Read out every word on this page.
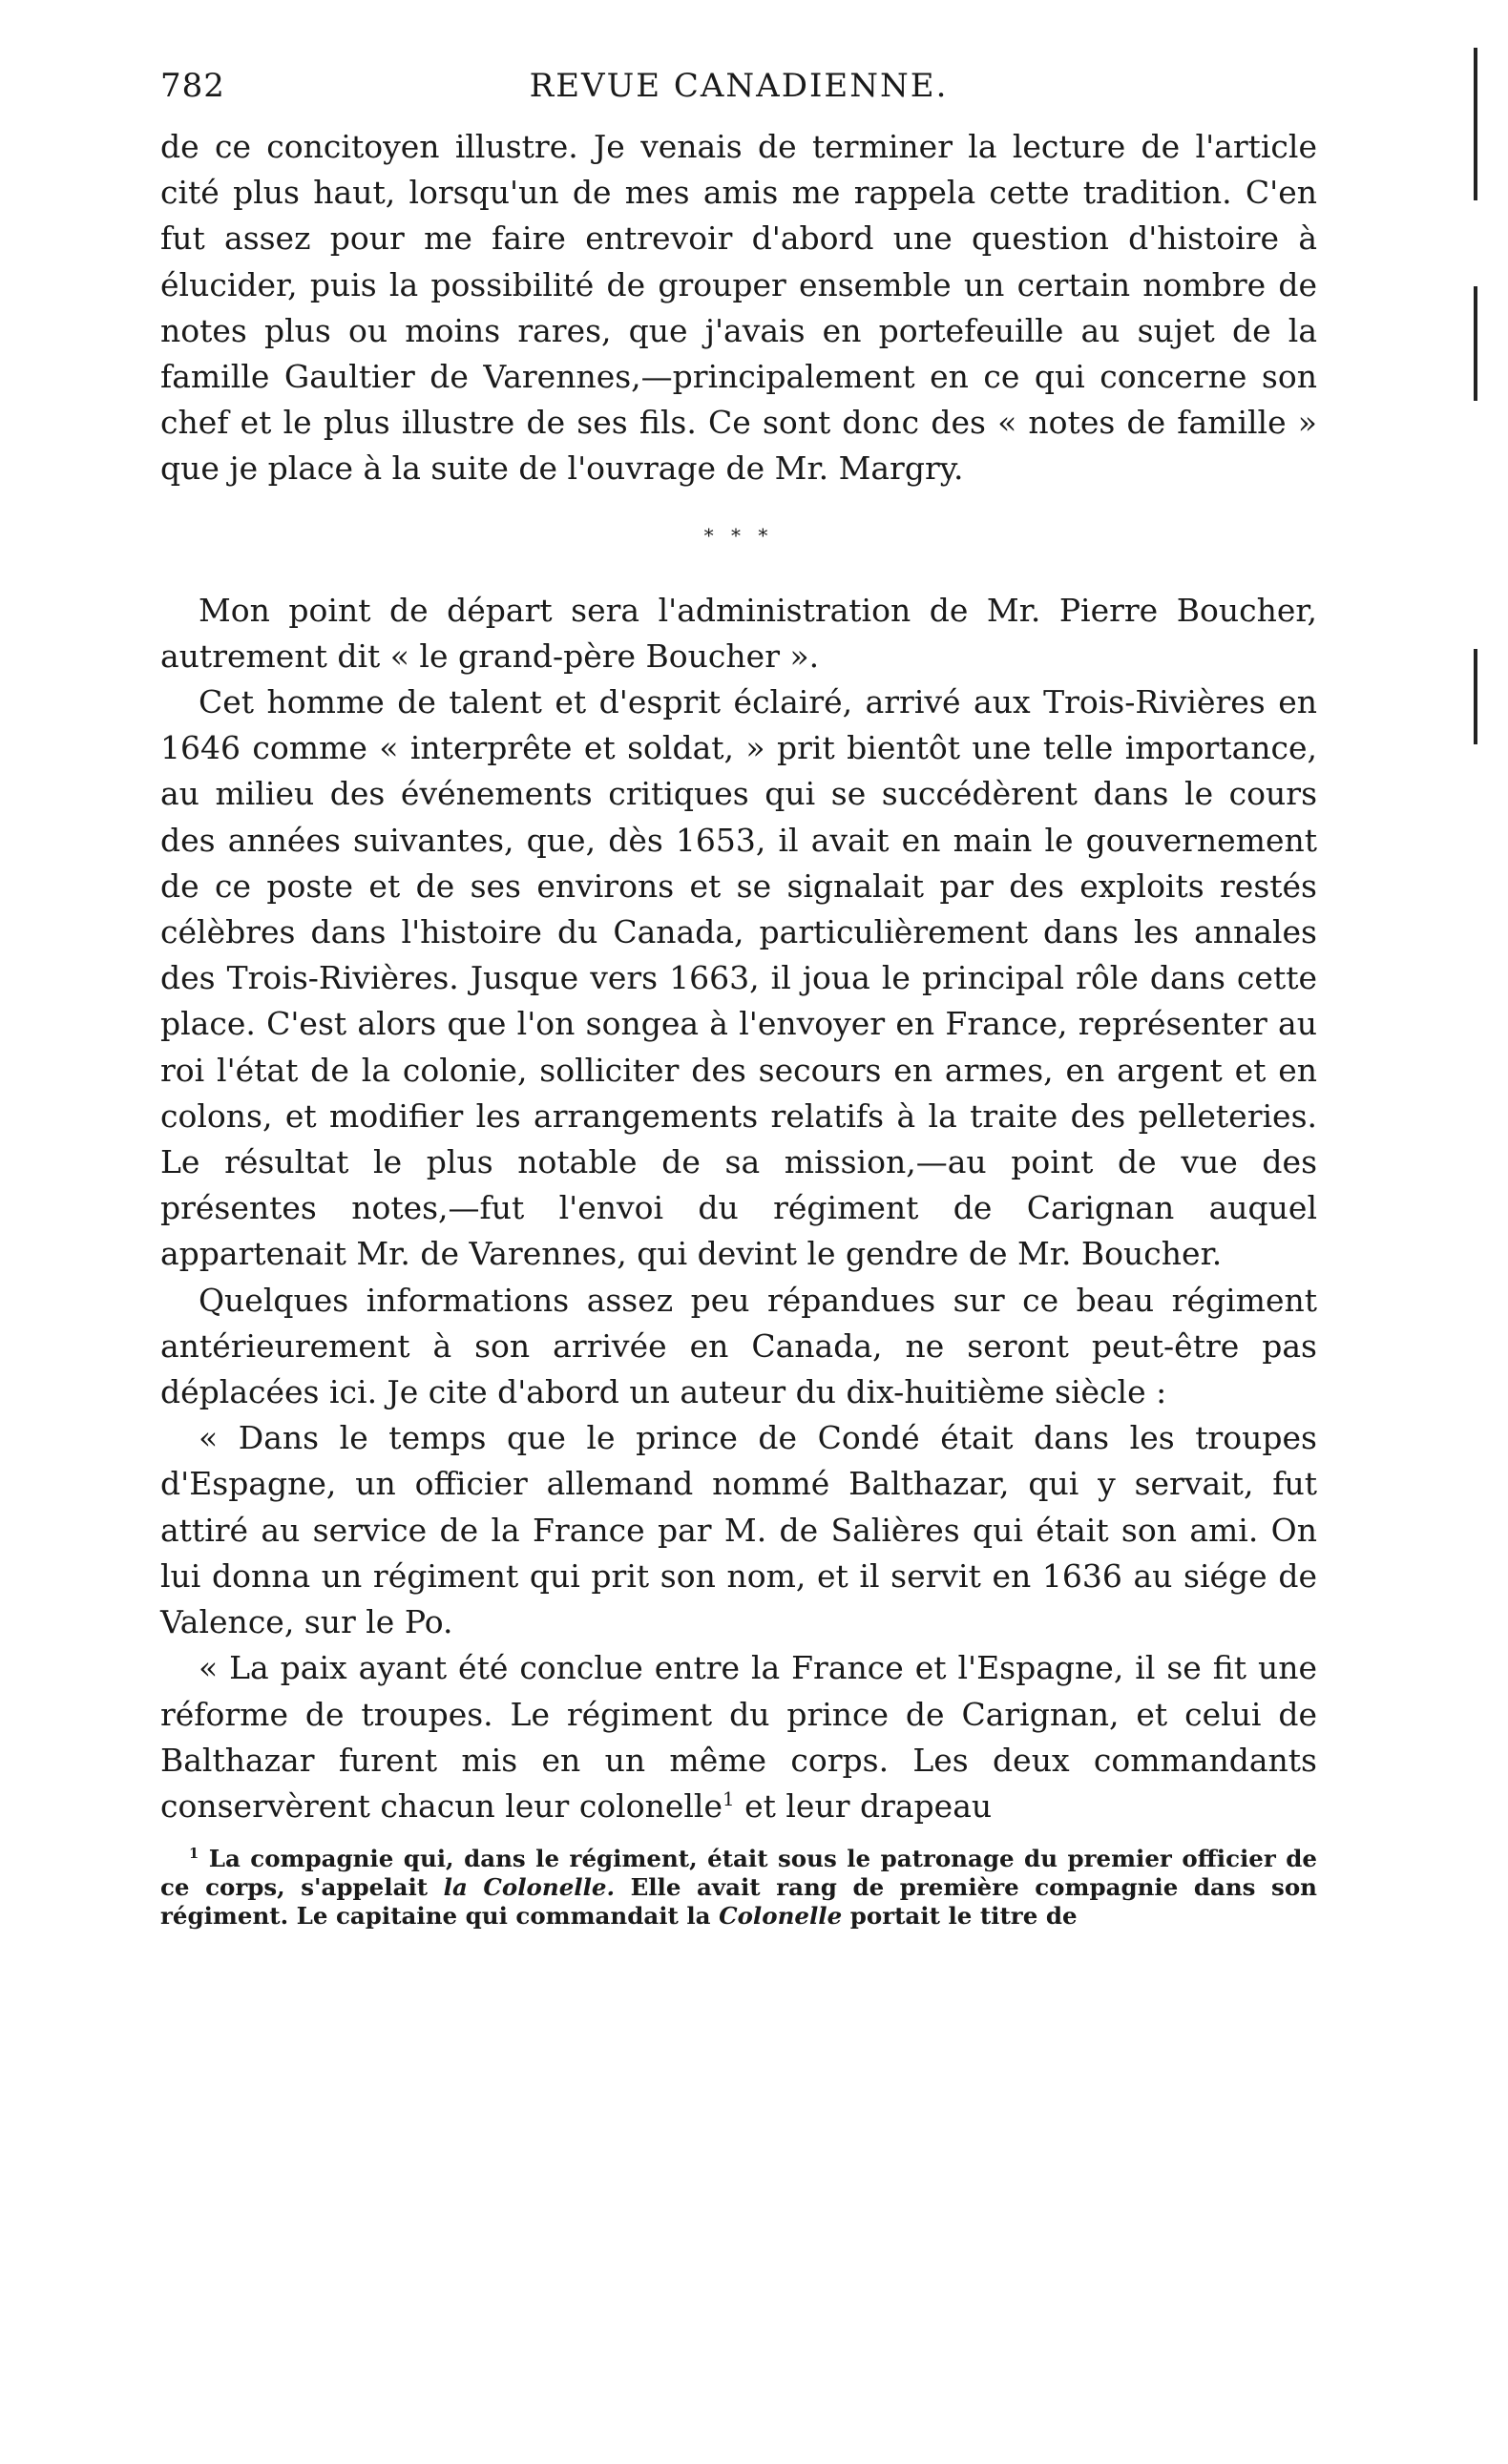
782	REVUE CANADIENNE.

de ce concitoyen illustre. Je venais de terminer la lecture de l'article cité plus haut, lorsqu'un de mes amis me rappela cette tradition. C'en fut assez pour me faire entrevoir d'abord une question d'histoire à élucider, puis la possibilité de grouper ensemble un certain nombre de notes plus ou moins rares, que j'avais en portefeuille au sujet de la famille Gaultier de Varennes,—principalement en ce qui concerne son chef et le plus illustre de ses fils. Ce sont donc des « notes de famille » que je place à la suite de l'ouvrage de Mr. Margry.

* * *

Mon point de départ sera l'administration de Mr. Pierre Boucher, autrement dit « le grand-père Boucher ».

Cet homme de talent et d'esprit éclairé, arrivé aux Trois-Rivières en 1646 comme « interprête et soldat, » prit bientôt une telle importance, au milieu des événements critiques qui se succédèrent dans le cours des années suivantes, que, dès 1653, il avait en main le gouvernement de ce poste et de ses environs et se signalait par des exploits restés célèbres dans l'histoire du Canada, particulièrement dans les annales des Trois-Rivières. Jusque vers 1663, il joua le principal rôle dans cette place. C'est alors que l'on songea à l'envoyer en France, représenter au roi l'état de la colonie, solliciter des secours en armes, en argent et en colons, et modifier les arrangements relatifs à la traite des pelleteries. Le résultat le plus notable de sa mission,—au point de vue des présentes notes,—fut l'envoi du régiment de Carignan auquel appartenait Mr. de Varennes, qui devint le gendre de Mr. Boucher.

Quelques informations assez peu répandues sur ce beau régiment antérieurement à son arrivée en Canada, ne seront peut-être pas déplacées ici. Je cite d'abord un auteur du dix-huitième siècle :

« Dans le temps que le prince de Condé était dans les troupes d'Espagne, un officier allemand nommé Balthazar, qui y servait, fut attiré au service de la France par M. de Salières qui était son ami. On lui donna un régiment qui prit son nom, et il servit en 1636 au siége de Valence, sur le Po.

« La paix ayant été conclue entre la France et l'Espagne, il se fit une réforme de troupes. Le régiment du prince de Carignan, et celui de Balthazar furent mis en un même corps. Les deux commandants conservèrent chacun leur colonelle$^1$ et leur drapeau

$^1$ La compagnie qui, dans le régiment, était sous le patronage du premier officier de ce corps, s'appelait la Colonelle. Elle avait rang de première compagnie dans son régiment. Le capitaine qui commandait la Colonelle portait le titre de
